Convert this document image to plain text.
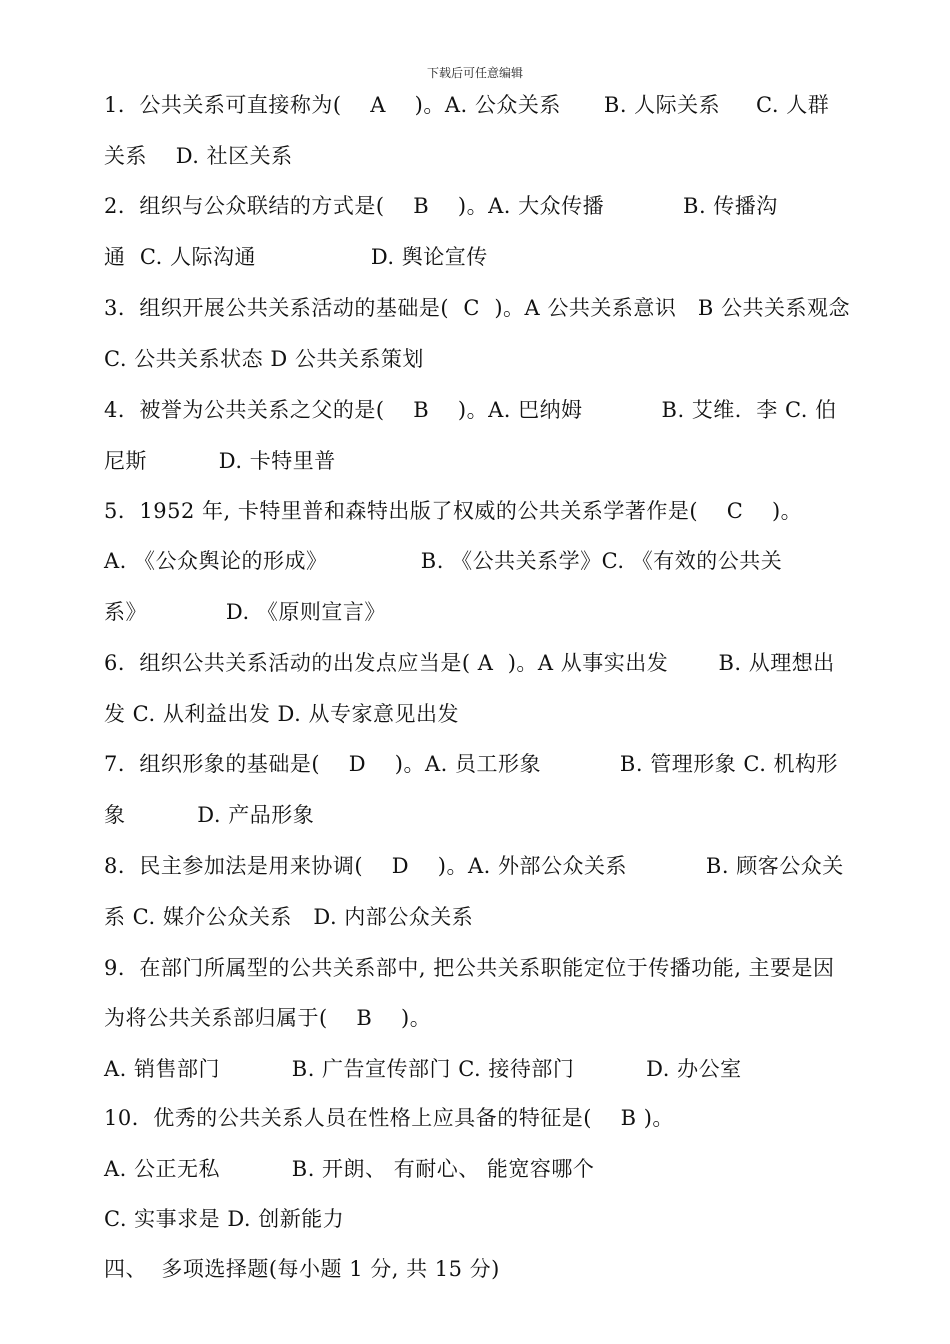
下载后可任意编辑
1．公共关系可直接称为(    A    )。A. 公众关系      B. 人际关系     C. 人群
关系    D. 社区关系
2．组织与公众联结的方式是(    B    )。A. 大众传播           B. 传播沟
通  C. 人际沟通                D. 舆论宣传
3．组织开展公共关系活动的基础是(  C  )。A 公共关系意识   B 公共关系观念
C. 公共关系状态 D 公共关系策划
4．被誉为公共关系之父的是(    B    )。A. 巴纳姆           B. 艾维．李 C. 伯
尼斯          D. 卡特里普
5．1952 年, 卡特里普和森特出版了权威的公共关系学著作是(    C    )。
A. 《公众舆论的形成》             B. 《公共关系学》C. 《有效的公共关
系》           D. 《原则宣言》
6．组织公共关系活动的出发点应当是( A  )。A 从事实出发       B. 从理想出
发 C. 从利益出发 D. 从专家意见出发
7．组织形象的基础是(    D    )。A. 员工形象           B. 管理形象 C. 机构形
象          D. 产品形象
8．民主参加法是用来协调(    D    )。A. 外部公众关系           B. 顾客公众关
系 C. 媒介公众关系   D. 内部公众关系
9．在部门所属型的公共关系部中, 把公共关系职能定位于传播功能, 主要是因
为将公共关系部归属于(    B    )。
A. 销售部门          B. 广告宣传部门 C. 接待部门          D. 办公室
10．优秀的公共关系人员在性格上应具备的特征是(    B )。
A. 公正无私          B. 开朗、 有耐心、 能宽容哪个
C. 实事求是 D. 创新能力
四、  多项选择题(每小题 1 分, 共 15 分)
